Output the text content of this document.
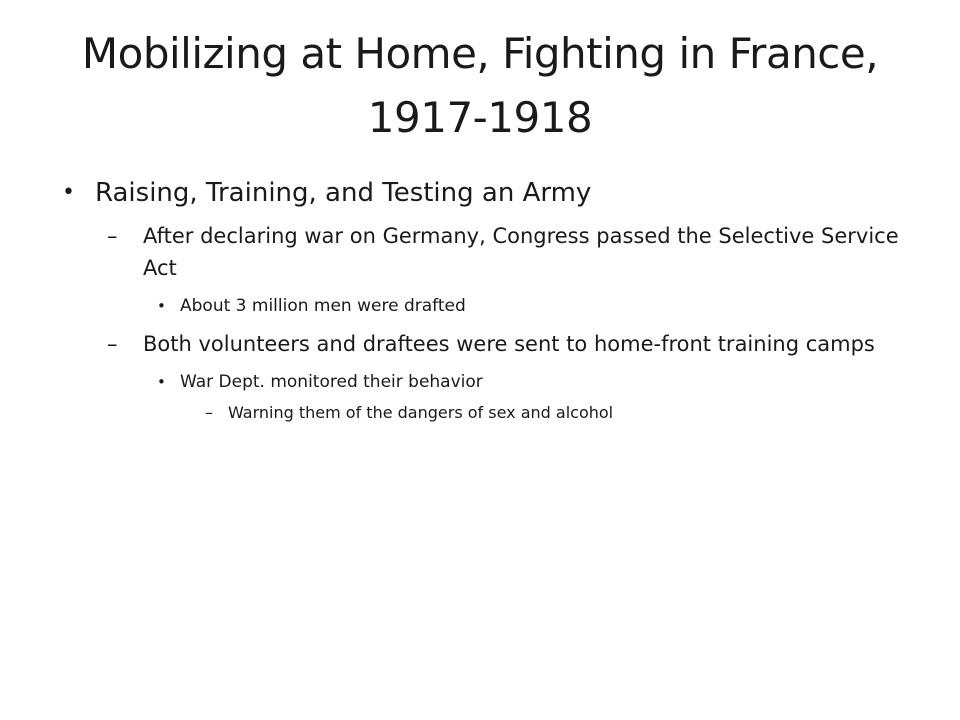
Mobilizing at Home, Fighting in France, 1917-1918
• Raising, Training, and Testing an Army
– After declaring war on Germany, Congress passed the Selective Service Act
• About 3 million men were drafted
– Both volunteers and draftees were sent to home-front training camps
• War Dept. monitored their behavior
– Warning them of the dangers of sex and alcohol
